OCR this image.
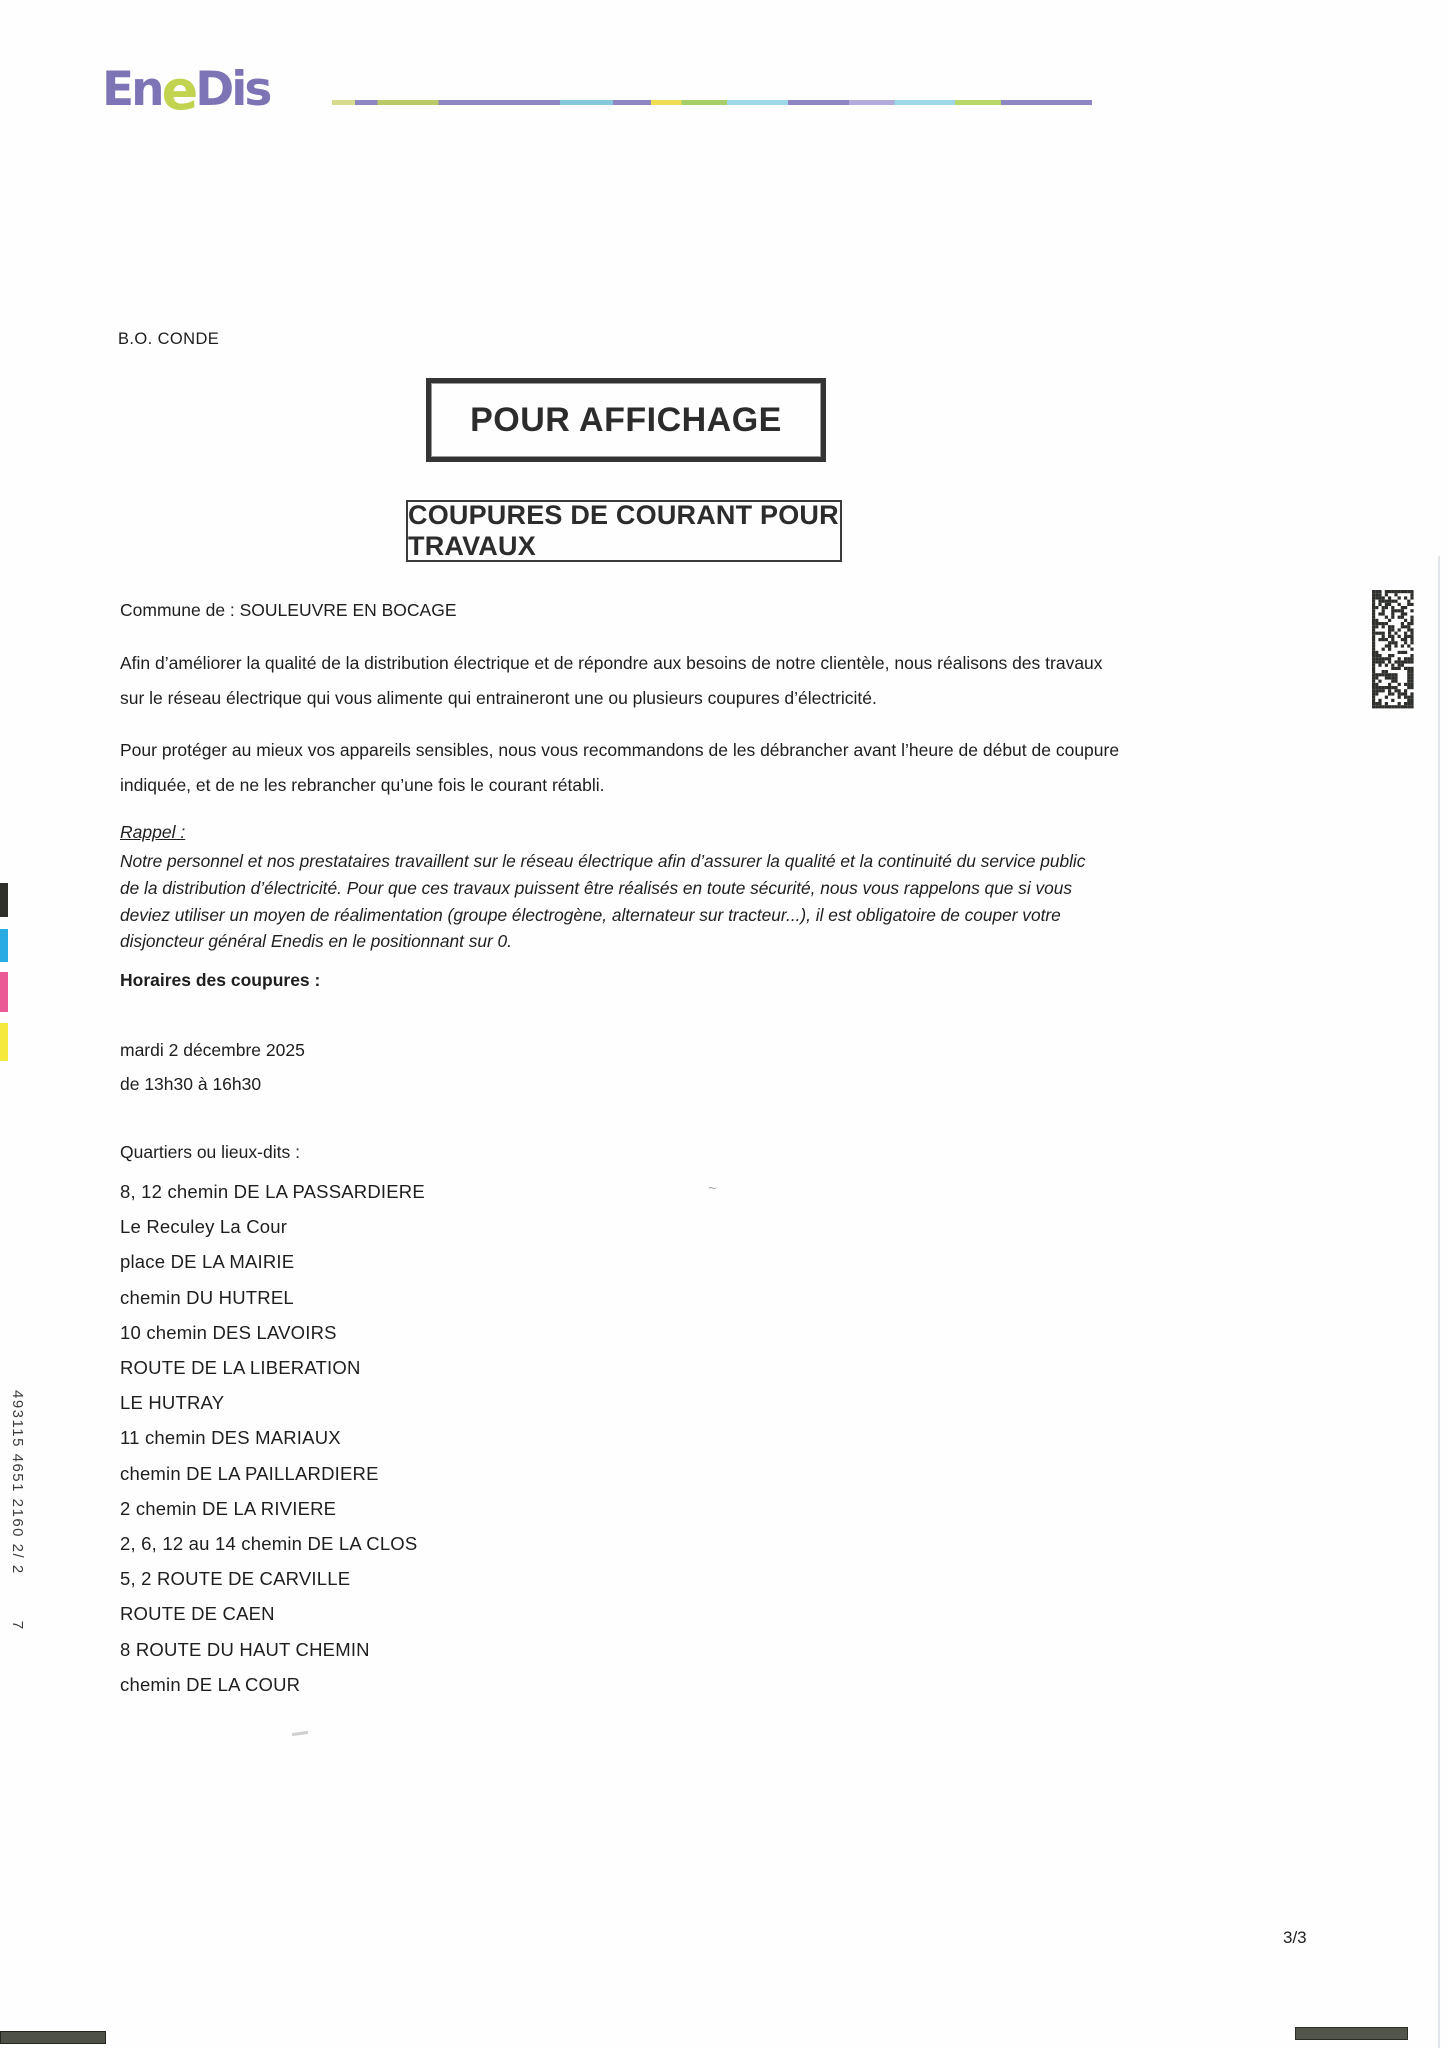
EneDis
B.O. CONDE
POUR AFFICHAGE
COUPURES DE COURANT POUR TRAVAUX
Commune de : SOULEUVRE EN BOCAGE
Afin d’améliorer la qualité de la distribution électrique et de répondre aux besoins de notre clientèle, nous réalisons des travaux
sur le réseau électrique qui vous alimente qui entraineront une ou plusieurs coupures d’électricité.
Pour protéger au mieux vos appareils sensibles, nous vous recommandons de les débrancher avant l’heure de début de coupure
indiquée, et de ne les rebrancher qu’une fois le courant rétabli.
Rappel :
Notre personnel et nos prestataires travaillent sur le réseau électrique afin d’assurer la qualité et la continuité du service public
de la distribution d’électricité. Pour que ces travaux puissent être réalisés en toute sécurité, nous vous rappelons que si vous
deviez utiliser un moyen de réalimentation (groupe électrogène, alternateur sur tracteur...), il est obligatoire de couper votre
disjoncteur général Enedis en le positionnant sur 0.
Horaires des coupures :
mardi 2 décembre 2025
de 13h30 à 16h30
Quartiers ou lieux-dits :
8, 12 chemin DE LA PASSARDIERE
Le Reculey La Cour
place DE LA MAIRIE
chemin DU HUTREL
10 chemin DES LAVOIRS
ROUTE DE LA LIBERATION
LE HUTRAY
11 chemin DES MARIAUX
chemin DE LA PAILLARDIERE
2 chemin DE LA RIVIERE
2, 6, 12 au 14 chemin DE LA CLOS
5, 2 ROUTE DE CARVILLE
ROUTE DE CAEN
8 ROUTE DU HAUT CHEMIN
chemin DE LA COUR
3/3
493115 4651 2160 2/ 27
~
